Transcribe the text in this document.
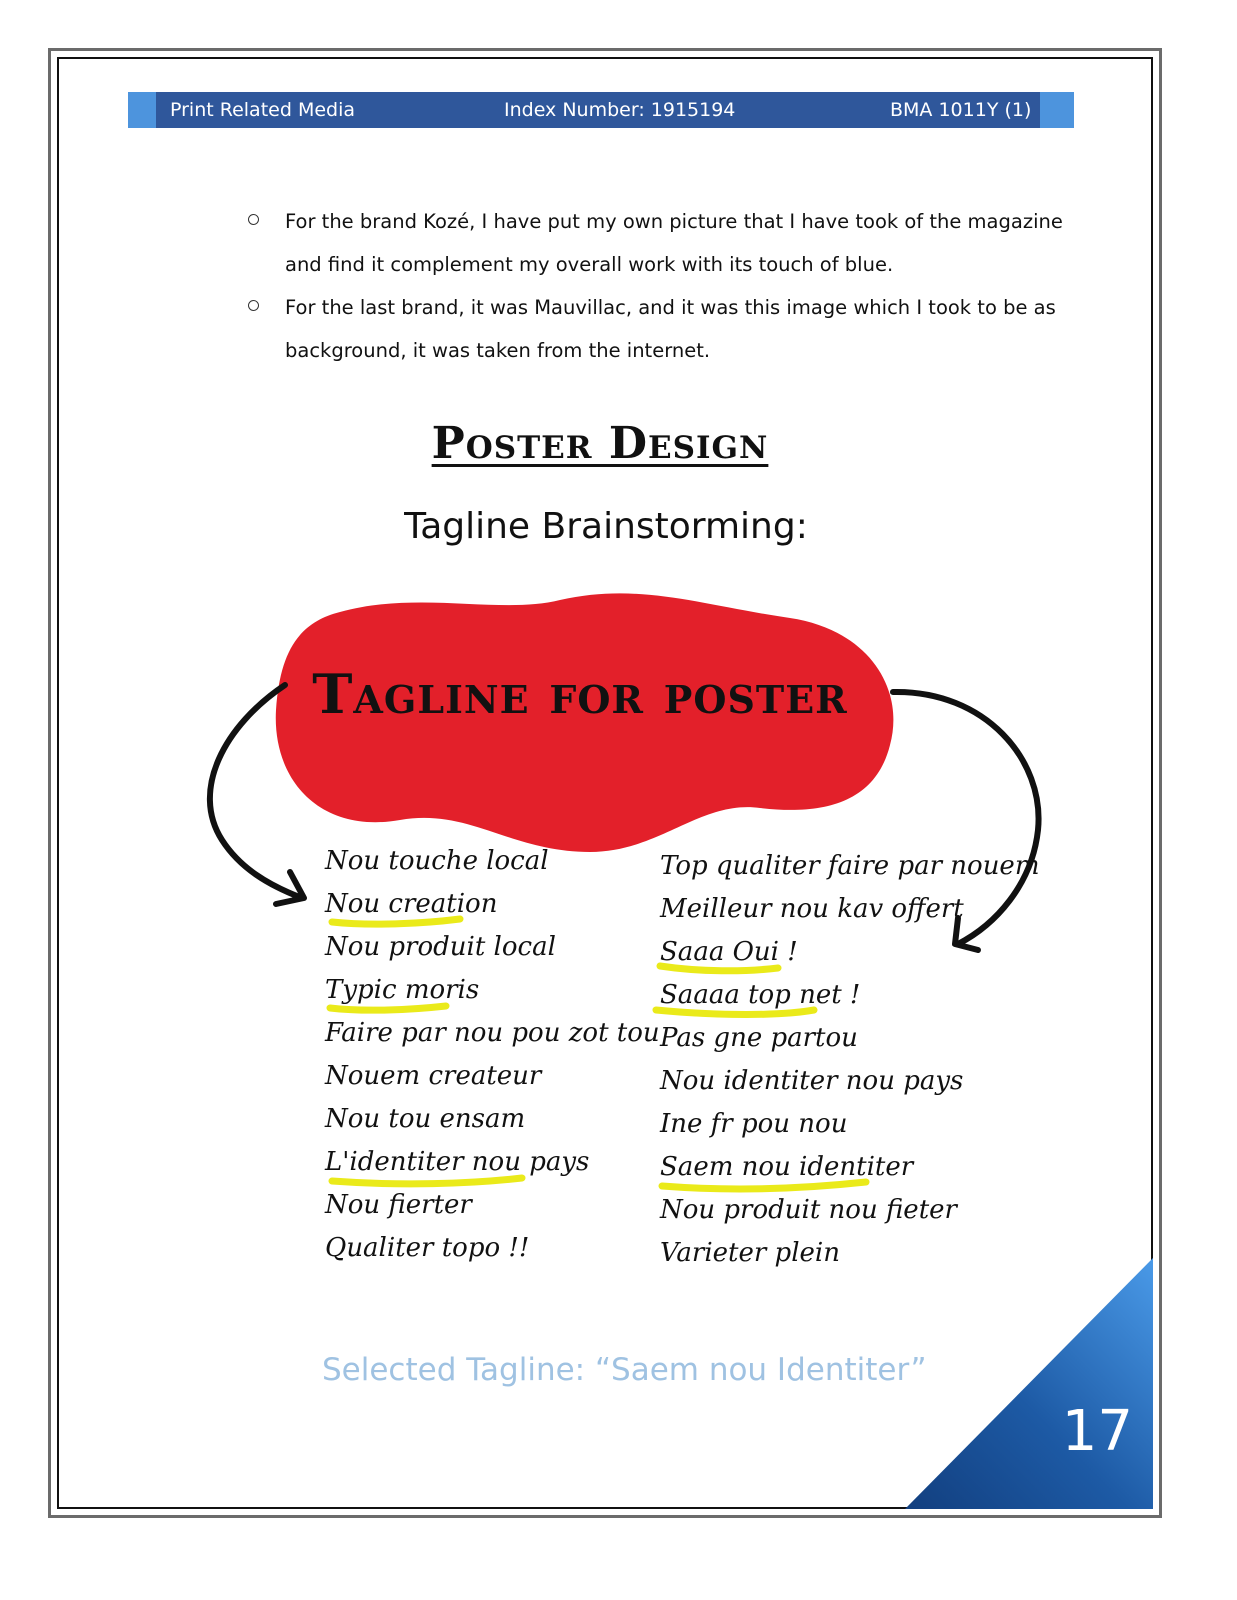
Print Related Media	Index Number: 1915194	BMA 1011Y (1)
For the brand Kozé, I have put my own picture that I have took of the magazine and find it complement my overall work with its touch of blue.
For the last brand, it was Mauvillac, and it was this image which I took to be as background, it was taken from the internet.
Poster Design
Tagline Brainstorming:
Tagline for poster
Nou touche local
Nou creation
Nou produit local
Typic moris
Faire par nou pou zot tou
Nouem createur
Nou tou ensam
L'identiter nou pays
Nou fierter
Qualiter topo !!
Top qualiter faire par nouem
Meilleur nou kav offert
Saaa Oui !
Saaaa top net !
Pas gne partou
Nou identiter nou pays
Ine fr pou nou
Saem nou identiter
Nou produit nou fieter
Varieter plein
Selected Tagline: “Saem nou Identiter”
17
